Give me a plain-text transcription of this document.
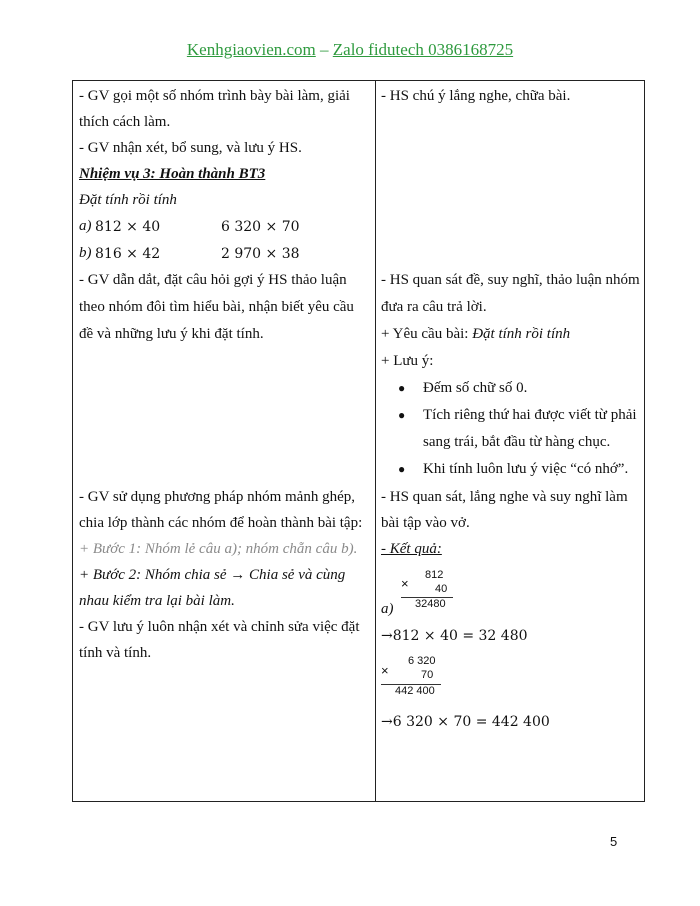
Kenhgiaovien.com – Zalo fidutech 0386168725
- GV gọi một số nhóm trình bày bài làm, giải
thích cách làm.
- GV nhận xét, bổ sung, và lưu ý HS.
Nhiệm vụ 3: Hoàn thành BT3
Đặt tính rồi tính
a) 812 × 40	6 320 × 70
b) 816 × 42	2 970 × 38
- GV dẫn dắt, đặt câu hỏi gợi ý HS thảo luận
theo nhóm đôi tìm hiểu bài, nhận biết yêu cầu
đề và những lưu ý khi đặt tính.
- GV sử dụng phương pháp nhóm mảnh ghép,
chia lớp thành các nhóm để hoàn thành bài tập:
+ Bước 1: Nhóm lẻ câu a); nhóm chẵn câu b).
+ Bước 2: Nhóm chia sẻ → Chia sẻ và cùng
nhau kiểm tra lại bài làm.
- GV lưu ý luôn nhận xét và chỉnh sửa việc đặt
tính và tính.
- HS chú ý lắng nghe, chữa bài.
- HS quan sát đề, suy nghĩ, thảo luận nhóm
đưa ra câu trả lời.
+ Yêu cầu bài: Đặt tính rồi tính
+ Lưu ý:
● Đếm số chữ số 0.
● Tích riêng thứ hai được viết từ phải
sang trái, bắt đầu từ hàng chục.
● Khi tính luôn lưu ý việc “có nhớ”.
- HS quan sát, lắng nghe và suy nghĩ làm
bài tập vào vở.
- Kết quả:
×
812
40
32480
a)
→812 × 40 = 32 480
×
6 320
70
442 400
→6 320 × 70 = 442 400
5
